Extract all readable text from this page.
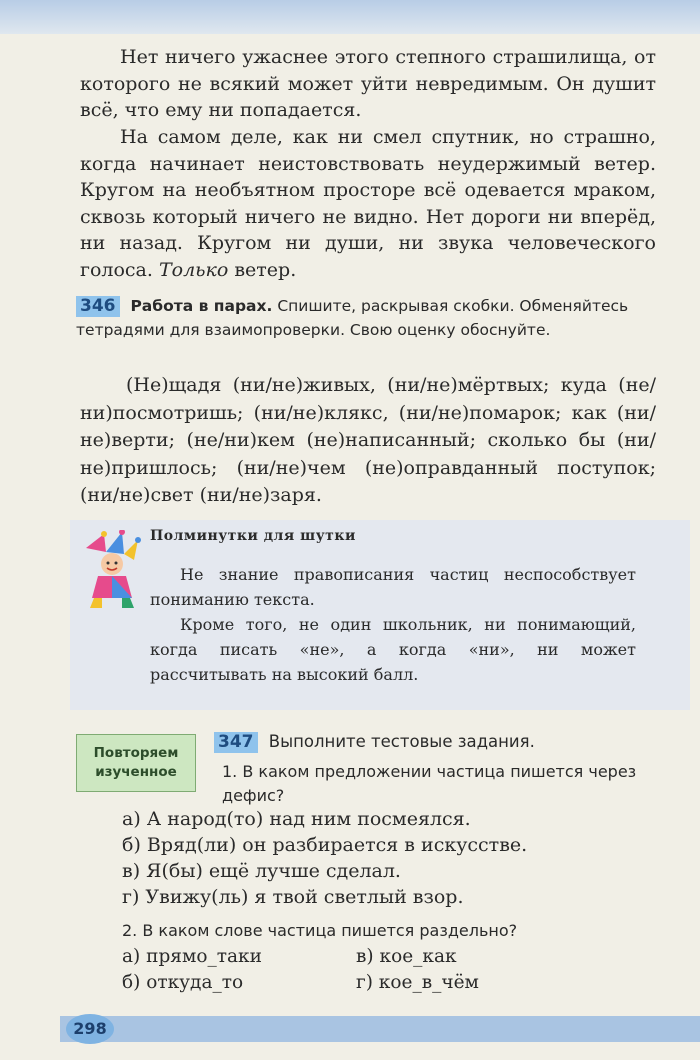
Нет ничего ужаснее этого степного страшилища, от которого не всякий может уйти невредимым. Он душит всё, что ему ни попадается.
На самом деле, как ни смел спутник, но страшно, когда начинает неистовствовать неудержимый ветер. Кругом на необъятном просторе всё одевается мраком, сквозь который ничего не видно. Нет дороги ни вперёд, ни назад. Кругом ни души, ни звука человеческого голоса. Только ветер.
346 Работа в парах. Спишите, раскрывая скобки. Обменяйтесь тетрадями для взаимопроверки. Свою оценку обоснуйте.
(Не)щадя (ни/не)живых, (ни/не)мёртвых; куда (не/ни)посмотришь; (ни/не)клякс, (ни/не)помарок; как (ни/не)верти; (не/ни)кем (не)написанный; сколько бы (ни/не)пришлось; (ни/не)чем (не)оправданный поступок; (ни/не)свет (ни/не)заря.
Полминутки для шутки

Не знание правописания частиц неспособствует пониманию текста.

Кроме того, не один школьник, ни понимающий, когда писать «не», а когда «ни», ни может рассчитывать на высокий балл.

Повторяем
изученное
347 Выполните тестовые задания.
1. В каком предложении частица пишется через дефис?
а) А народ(то) над ним посмеялся.
б) Вряд(ли) он разбирается в искусстве.
в) Я(бы) ещё лучше сделал.
г) Увижу(ль) я твой светлый взор.
2. В каком слове частица пишется раздельно?
а) прямо_таки	в) кое_как
б) откуда_то	г) кое_в_чём
298
